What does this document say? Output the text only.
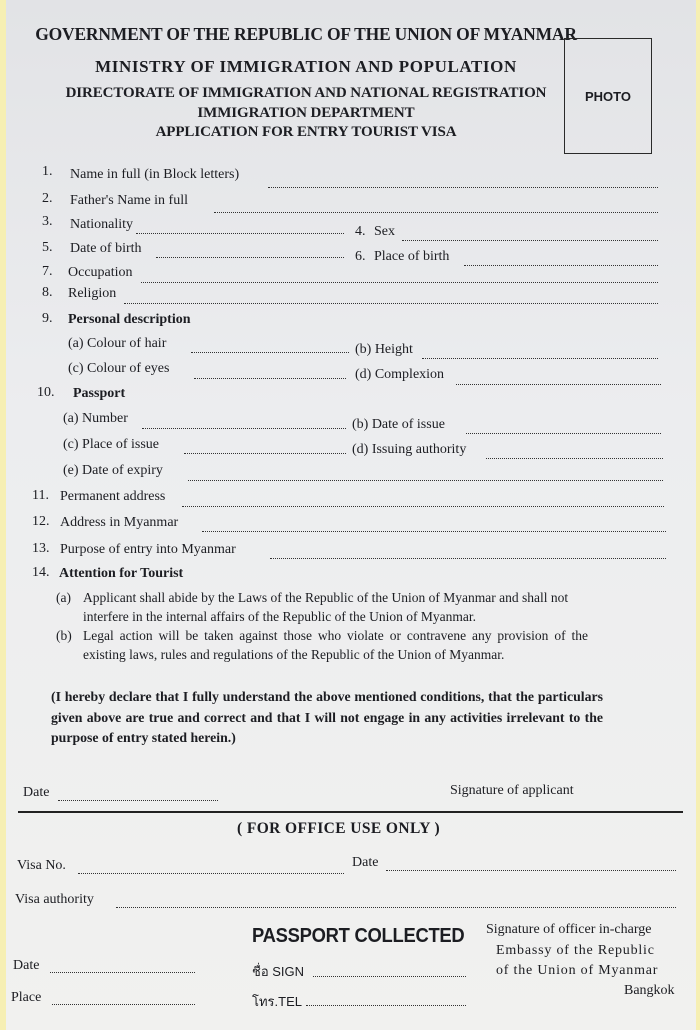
GOVERNMENT OF THE REPUBLIC OF THE UNION OF MYANMAR
MINISTRY OF IMMIGRATION AND POPULATION
DIRECTORATE OF IMMIGRATION AND NATIONAL REGISTRATION
IMMIGRATION DEPARTMENT
APPLICATION FOR ENTRY TOURIST VISA
PHOTO
1. Name in full (in Block letters)
2. Father's Name in full
3. Nationality	4. Sex
5. Date of birth
6. Place of birth
7. Occupation
8. Religion
9. Personal description
(a) Colour of hair	(b) Height
(c) Colour of eyes	(d) Complexion
10. Passport
(a) Number	(b) Date of issue
(c) Place of issue	(d) Issuing authority
(e) Date of expiry
11. Permanent address
12. Address in Myanmar
13. Purpose of entry into Myanmar
14. Attention for Tourist
(a) Applicant shall abide by the Laws of the Republic of the Union of Myanmar and shall not interfere in the internal affairs of the Republic of the Union of Myanmar.
(b) Legal action will be taken against those who violate or contravene any provision of the existing laws, rules and regulations of the Republic of the Union of Myanmar.
(I hereby declare that I fully understand the above mentioned conditions, that the particulars given above are true and correct and that I will not engage in any activities irrelevant to the purpose of entry stated herein.)
Date	Signature of applicant
( FOR OFFICE USE ONLY )
Visa No.	Date
Visa authority
PASSPORT COLLECTED
Date
Place
ชื่อ SIGN
โทร.TEL
Signature of officer in-charge
Embassy of the Republic
of the Union of Myanmar
Bangkok
